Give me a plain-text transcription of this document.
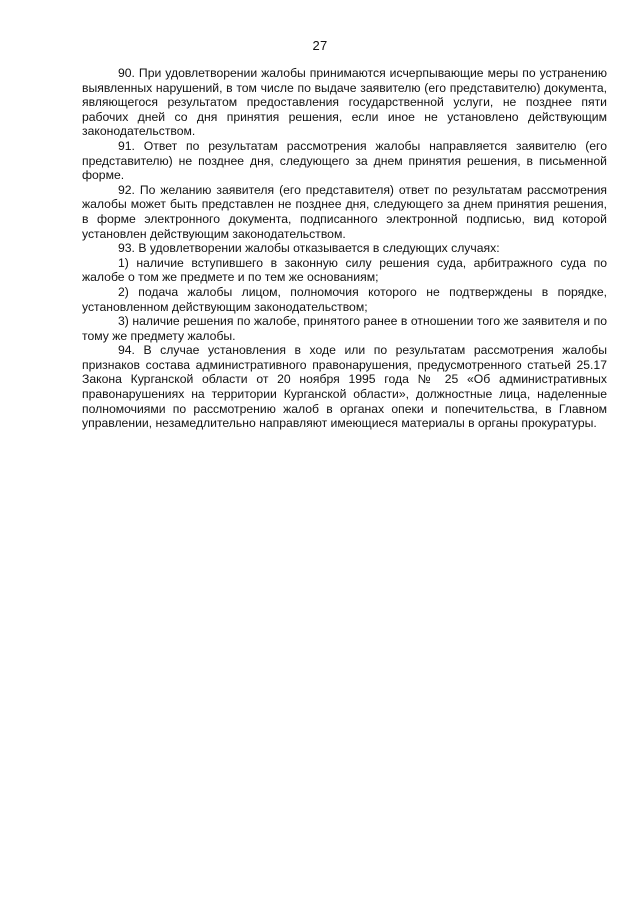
27

90. При удовлетворении жалобы принимаются исчерпывающие меры по устранению выявленных нарушений, в том числе по выдаче заявителю (его представителю) документа, являющегося результатом предоставления государственной услуги, не позднее пяти рабочих дней со дня принятия решения, если иное не установлено действующим законодательством.

91. Ответ по результатам рассмотрения жалобы направляется заявителю (его представителю) не позднее дня, следующего за днем принятия решения, в письменной форме.

92. По желанию заявителя (его представителя) ответ по результатам рассмотрения жалобы может быть представлен не позднее дня, следующего за днем принятия решения, в форме электронного документа, подписанного электронной подписью, вид которой установлен действующим законодательством.

93. В удовлетворении жалобы отказывается в следующих случаях:

1) наличие вступившего в законную силу решения суда, арбитражного суда по жалобе о том же предмете и по тем же основаниям;

2) подача жалобы лицом, полномочия которого не подтверждены в порядке, установленном действующим законодательством;

3) наличие решения по жалобе, принятого ранее в отношении того же заявителя и по тому же предмету жалобы.

94. В случае установления в ходе или по результатам рассмотрения жалобы признаков состава административного правонарушения, предусмотренного статьей 25.17 Закона Курганской области от 20 ноября 1995 года № 25 «Об административных правонарушениях на территории Курганской области», должностные лица, наделенные полномочиями по рассмотрению жалоб в органах опеки и попечительства, в Главном управлении, незамедлительно направляют имеющиеся материалы в органы прокуратуры.
